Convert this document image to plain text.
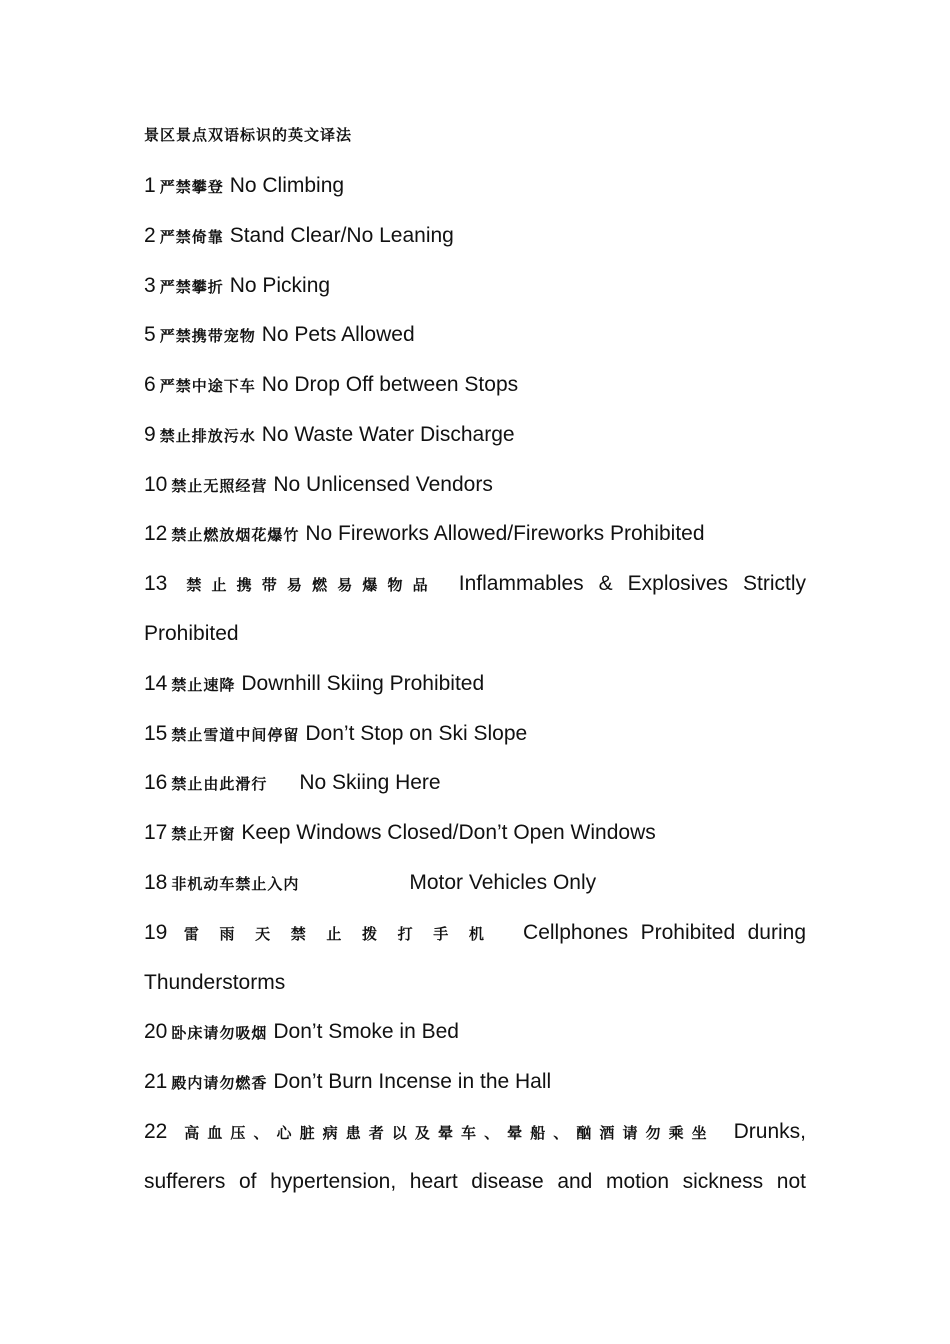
景区景点双语标识的英文译法
1 严禁攀登 No Climbing
2 严禁倚靠 Stand Clear/No Leaning
3 严禁攀折 No Picking
5 严禁携带宠物 No Pets Allowed
6 严禁中途下车 No Drop Off between Stops
9 禁止排放污水 No Waste Water Discharge
10 禁止无照经营 No Unlicensed Vendors
12 禁止燃放烟花爆竹 No Fireworks Allowed/Fireworks Prohibited
13 禁止携带易燃易爆物品 Inflammables & Explosives Strictly
Prohibited
14 禁止速降 Downhill Skiing Prohibited
15 禁止雪道中间停留 Don’t Stop on Ski Slope
16 禁止由此滑行 No Skiing Here
17 禁止开窗 Keep Windows Closed/Don’t Open Windows
18 非机动车禁止入内	Motor Vehicles Only
19 雷雨天禁止拨打手机 Cellphones Prohibited during
Thunderstorms
20 卧床请勿吸烟 Don’t Smoke in Bed
21 殿内请勿燃香 Don’t Burn Incense in the Hall
22 高血压、心脏病患者以及晕车、晕船、酗酒请勿乘坐 Drunks,
sufferers of hypertension, heart disease and motion sickness not
